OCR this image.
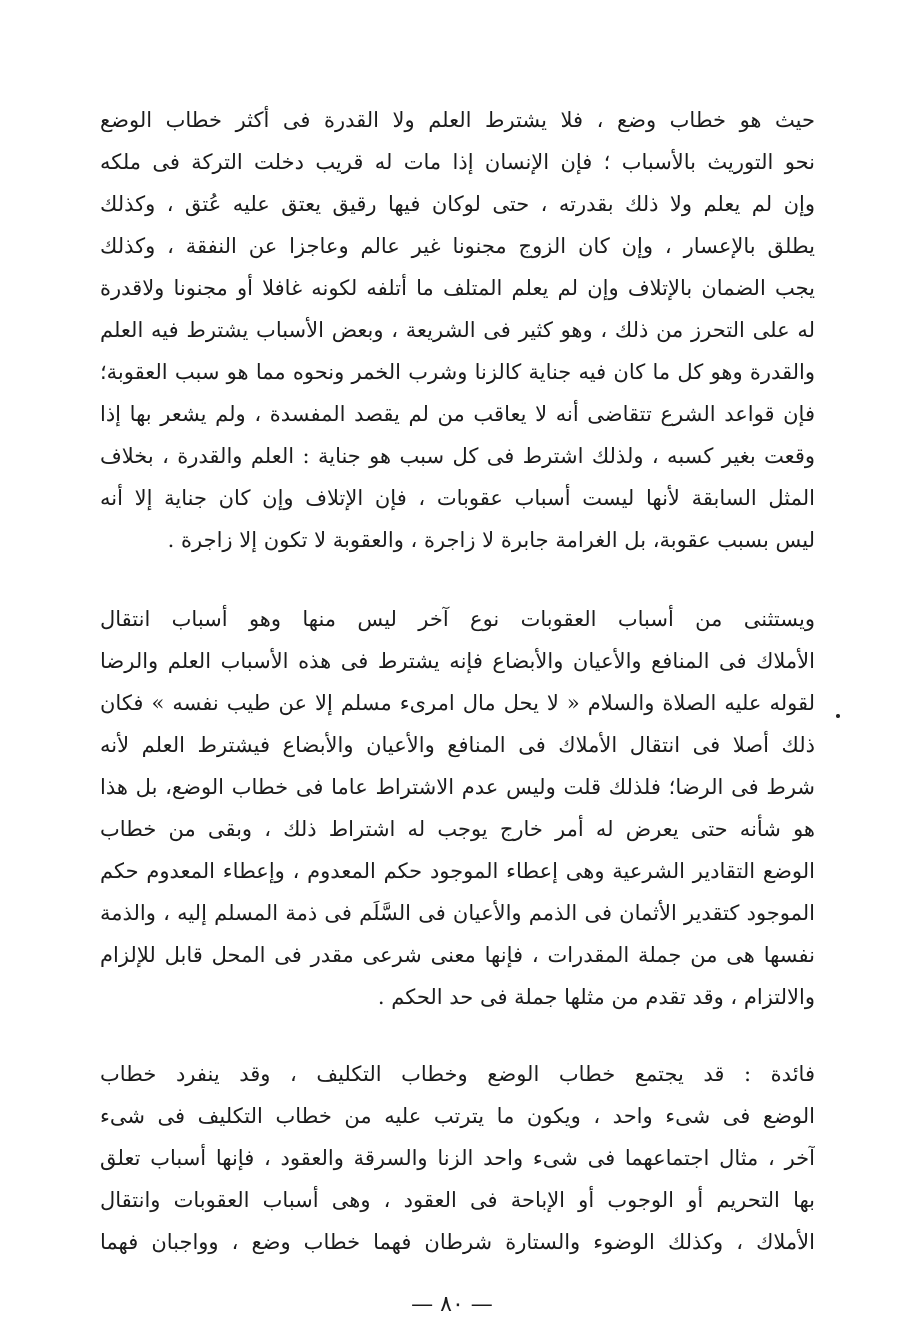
حيث هو خطاب وضع ، فلا يشترط العلم ولا القدرة فى أكثر خطاب الوضع
نحو التوريث بالأسباب ؛ فإن الإنسان إذا مات له قريب دخلت التركة فى ملكه
وإن لم يعلم ولا ذلك بقدرته ، حتى لوكان فيها رقيق يعتق عليه عُتق ، وكذلك
يطلق بالإعسار ، وإن كان الزوج مجنونا غير عالم وعاجزا عن النفقة ، وكذلك
يجب الضمان بالإتلاف وإن لم يعلم المتلف ما أتلفه لكونه غافلا أو مجنونا ولاقدرة
له على التحرز من ذلك ، وهو كثير فى الشريعة ، وبعض الأسباب يشترط فيه العلم
والقدرة وهو كل ما كان فيه جناية كالزنا وشرب الخمر ونحوه مما هو سبب العقوبة؛
فإن قواعد الشرع تتقاضى أنه لا يعاقب من لم يقصد المفسدة ، ولم يشعر بها إذا
وقعت بغير كسبه ، ولذلك اشترط فى كل سبب هو جناية : العلم والقدرة ، بخلاف
المثل السابقة لأنها ليست أسباب عقوبات ، فإن الإتلاف وإن كان جناية إلا أنه
ليس بسبب عقوبة، بل الغرامة جابرة لا زاجرة ، والعقوبة لا تكون إلا زاجرة .
ويستثنى من أسباب العقوبات نوع آخر ليس منها وهو أسباب انتقال
الأملاك فى المنافع والأعيان والأبضاع فإنه يشترط فى هذه الأسباب العلم والرضا
لقوله عليه الصلاة والسلام « لا يحل مال امرىء مسلم إلا عن طيب نفسه » فكان
ذلك أصلا فى انتقال الأملاك فى المنافع والأعيان والأبضاع فيشترط العلم لأنه
شرط فى الرضا؛ فلذلك قلت وليس عدم الاشتراط عاما فى خطاب الوضع، بل هذا
هو شأنه حتى يعرض له أمر خارج يوجب له اشتراط ذلك ، وبقى من خطاب
الوضع التقادير الشرعية وهى إعطاء الموجود حكم المعدوم ، وإعطاء المعدوم حكم
الموجود كتقدير الأثمان فى الذمم والأعيان فى السَّلَم فى ذمة المسلم إليه ، والذمة
نفسها هى من جملة المقدرات ، فإنها معنى شرعى مقدر فى المحل قابل للإلزام
والالتزام ، وقد تقدم من مثلها جملة فى حد الحكم .
فائدة : قد يجتمع خطاب الوضع وخطاب التكليف ، وقد ينفرد خطاب
الوضع فى شىء واحد ، ويكون ما يترتب عليه من خطاب التكليف فى شىء
آخر ، مثال اجتماعهما فى شىء واحد الزنا والسرقة والعقود ، فإنها أسباب تعلق
بها التحريم أو الوجوب أو الإباحة فى العقود ، وهى أسباب العقوبات وانتقال
الأملاك ، وكذلك الوضوء والستارة شرطان فهما خطاب وضع ، وواجبان فهما
— ٨٠ —
